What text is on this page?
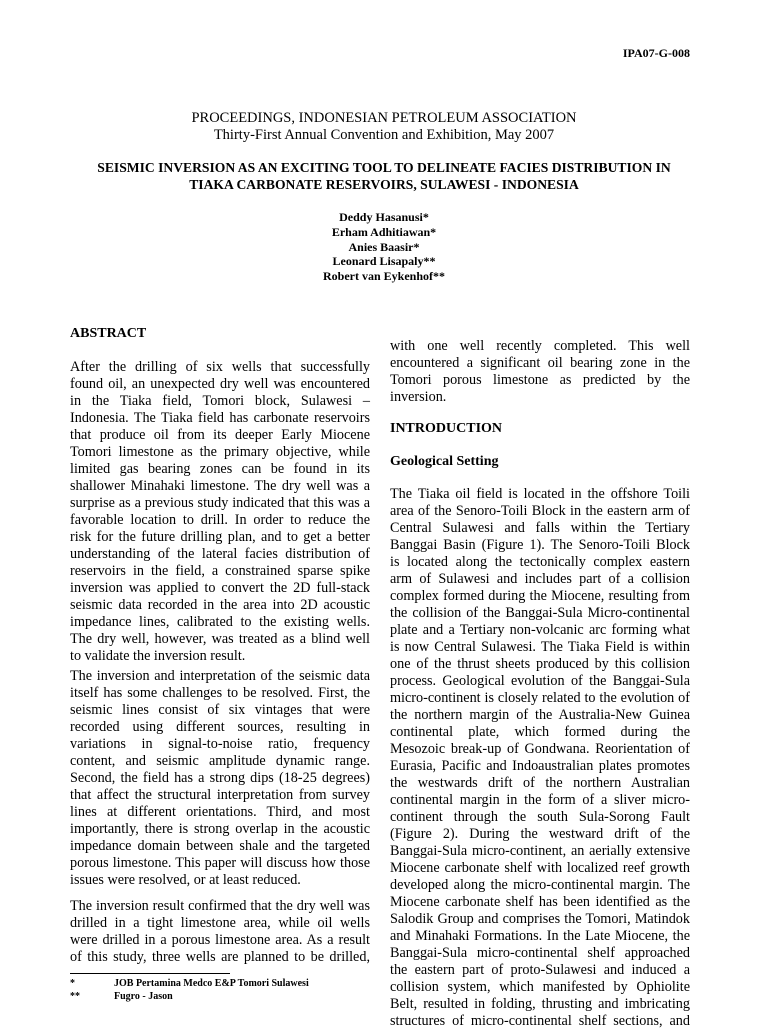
IPA07-G-008
PROCEEDINGS, INDONESIAN PETROLEUM ASSOCIATION
Thirty-First Annual Convention and Exhibition, May 2007
SEISMIC INVERSION AS AN EXCITING TOOL TO DELINEATE FACIES DISTRIBUTION IN
TIAKA CARBONATE RESERVOIRS, SULAWESI - INDONESIA
Deddy Hasanusi*
Erham Adhitiawan*
Anies Baasir*
Leonard Lisapaly**
Robert van Eykenhof**
ABSTRACT
After the drilling of six wells that successfully
found oil, an unexpected dry well was encountered
in the Tiaka field, Tomori block, Sulawesi –
Indonesia. The Tiaka field has carbonate reservoirs
that produce oil from its deeper Early Miocene
Tomori limestone as the primary objective, while
limited gas bearing zones can be found in its
shallower Minahaki limestone. The dry well was a
surprise as a previous study indicated that this was a
favorable location to drill. In order to reduce the
risk for the future drilling plan, and to get a better
understanding of the lateral facies distribution of
reservoirs in the field, a constrained sparse spike
inversion was applied to convert the 2D full-stack
seismic data recorded in the area into 2D acoustic
impedance lines, calibrated to the existing wells.
The dry well, however, was treated as a blind well
to validate the inversion result.
The inversion and interpretation of the seismic data
itself has some challenges to be resolved. First, the
seismic lines consist of six vintages that were
recorded using different sources, resulting in
variations in signal-to-noise ratio, frequency
content, and seismic amplitude dynamic range.
Second, the field has a strong dips (18-25 degrees)
that affect the structural interpretation from survey
lines at different orientations. Third, and most
importantly, there is strong overlap in the acoustic
impedance domain between shale and the targeted
porous limestone. This paper will discuss how those
issues were resolved, or at least reduced.
The inversion result confirmed that the dry well was
drilled in a tight limestone area, while oil wells
were drilled in a porous limestone area. As a result
of this study, three wells are planned to be drilled,
with one well recently completed. This well
encountered a significant oil bearing zone in the
Tomori porous limestone as predicted by the
inversion.
The Tiaka oil field is located in the offshore Toili
area of the Senoro-Toili Block in the eastern arm of
Central Sulawesi and falls within the Tertiary
Banggai Basin (Figure 1). The Senoro-Toili Block
is located along the tectonically complex eastern
arm of Sulawesi and includes part of a collision
complex formed during the Miocene, resulting from
the collision of the Banggai-Sula Micro-continental
plate and a Tertiary non-volcanic arc forming what
is now Central Sulawesi. The Tiaka Field is within
one of the thrust sheets produced by this collision
process. Geological evolution of the Banggai-Sula
micro-continent is closely related to the evolution of
the northern margin of the Australia-New Guinea
continental plate, which formed during the
Mesozoic break-up of Gondwana. Reorientation of
Eurasia, Pacific and Indoaustralian plates promotes
the westwards drift of the northern Australian
continental margin in the form of a sliver micro-
continent through the south Sula-Sorong Fault
(Figure 2). During the westward drift of the
Banggai-Sula micro-continent, an aerially extensive
Miocene carbonate shelf with localized reef growth
developed along the micro-continental margin. The
Miocene carbonate shelf has been identified as the
Salodik Group and comprises the Tomori, Matindok
and Minahaki Formations. In the Late Miocene, the
Banggai-Sula micro-continental shelf approached
the eastern part of proto-Sulawesi and induced a
collision system, which manifested by Ophiolite
Belt, resulted in folding, thrusting and imbricating
structures of micro-continental shelf sections, and
INTRODUCTION
Geological Setting
*	JOB Pertamina Medco E&P Tomori Sulawesi
**	Fugro - Jason
